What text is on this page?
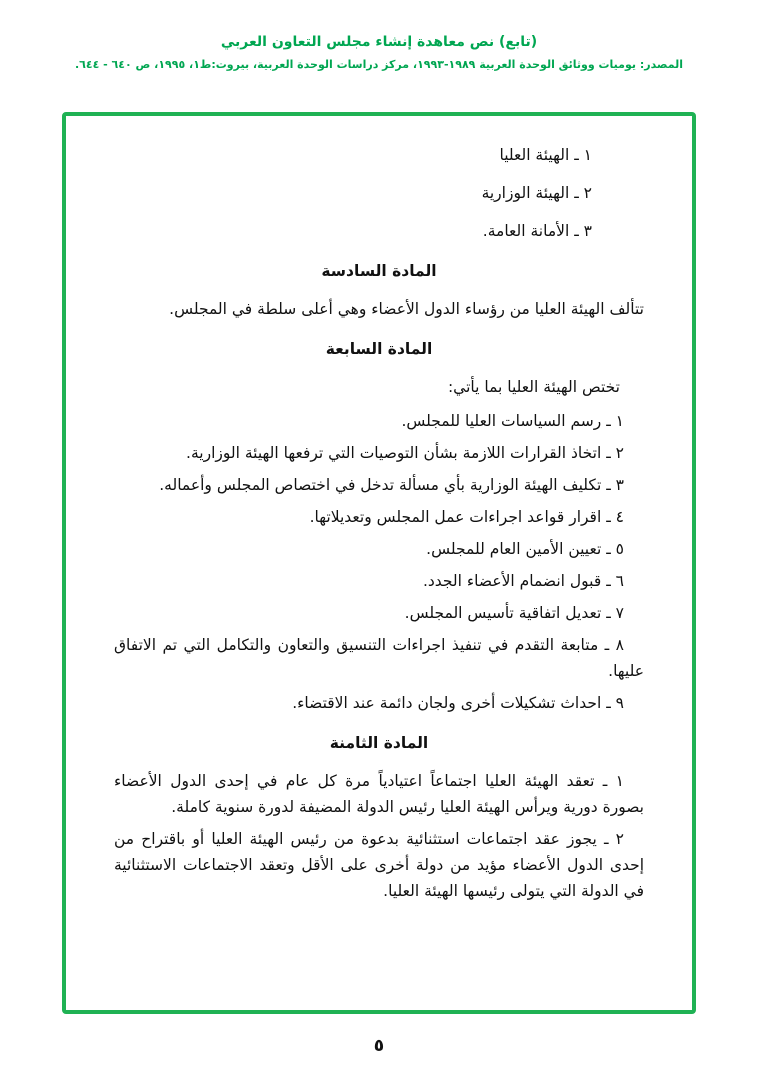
(تابع) نص معاهدة إنشاء مجلس التعاون العربي
المصدر: يوميات ووثائق الوحدة العربية ١٩٨٩-١٩٩٣، مركز دراسات الوحدة العربية، بيروت:ط١، ١٩٩٥، ص ٦٤٠ - ٦٤٤.

١ ـ الهيئة العليا

٢ ـ الهيئة الوزارية

٣ ـ الأمانة العامة.

المادة السادسة

تتألف الهيئة العليا من رؤساء الدول الأعضاء وهي أعلى سلطة في المجلس.

المادة السابعة

تختص الهيئة العليا بما يأتي:

١ ـ رسم السياسات العليا للمجلس.

٢ ـ اتخاذ القرارات اللازمة بشأن التوصيات التي ترفعها الهيئة الوزارية.

٣ ـ تكليف الهيئة الوزارية بأي مسألة تدخل في اختصاص المجلس وأعماله.

٤ ـ اقرار قواعد اجراءات عمل المجلس وتعديلاتها.

٥ ـ تعيين الأمين العام للمجلس.

٦ ـ قبول انضمام الأعضاء الجدد.

٧ ـ تعديل اتفاقية تأسيس المجلس.

٨ ـ متابعة التقدم في تنفيذ اجراءات التنسيق والتعاون والتكامل التي تم الاتفاق عليها.

٩ ـ احداث تشكيلات أخرى ولجان دائمة عند الاقتضاء.

المادة الثامنة

١ ـ تعقد الهيئة العليا اجتماعاً اعتيادياً مرة كل عام في إحدى الدول الأعضاء بصورة دورية ويرأس الهيئة العليا رئيس الدولة المضيفة لدورة سنوية كاملة.

٢ ـ يجوز عقد اجتماعات استثنائية بدعوة من رئيس الهيئة العليا أو باقتراح من إحدى الدول الأعضاء مؤيد من دولة أخرى على الأقل وتعقد الاجتماعات الاستثنائية في الدولة التي يتولى رئيسها الهيئة العليا.

٥
